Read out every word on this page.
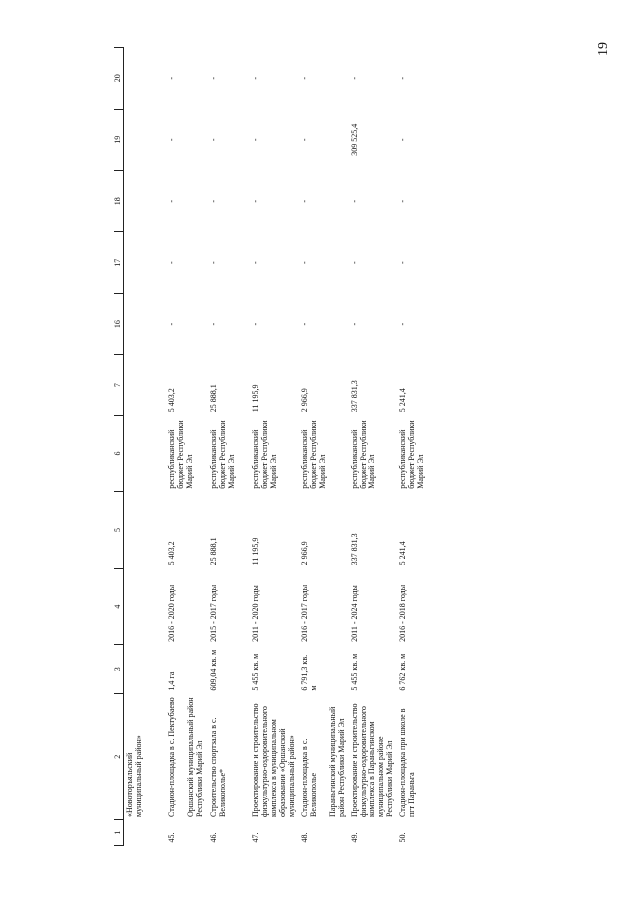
19
1	2	3	4	5	6	7	16	17	18	19	20
	«Новоторъяльский муниципальный район»										
45.	Стадион-площадка в с. Пектубаево Оршанский муниципальный район Республики Марий Эл	1,4 га	2016 - 2020 годы	5 403,2	республиканский бюджет Республики Марий Эл	5 403,2	-	-	-	-	-
46.	Строительство спортзала в с. Великополье*	609,04 кв. м	2015 - 2017 годы	25 888,1	республиканский бюджет Республики Марий Эл	25 888,1	-	-	-	-	-
47.	Проектирование и строительство физкультурно-оздоровительного комплекса в муниципальном образовании «Оршанский муниципальный район»	5 455 кв. м	2011 - 2020 годы	11 195,9	республиканский бюджет Республики Марий Эл	11 195,9	-	-	-	-	-
48.	Стадион-площадка в с. Великополье Параньгинский муниципальный район Республики Марий Эл	6 791,3 кв. м	2016 - 2017 годы	2 966,9	республиканский бюджет Республики Марий Эл	2 966,9	-	-	-	-	-
49.	Проектирование и строительство физкультурно-оздоровительного комплекса в Параньгинском муниципальном районе Республики Марий Эл	5 455 кв. м	2011 - 2024 годы	337 831,3	республиканский бюджет Республики Марий Эл	337 831,3	-	-	-	309 525,4	-
50.	Стадион-площадка при школе в пгт Параньга	6 762 кв. м	2016 - 2018 годы	5 241,4	республиканский бюджет Республики Марий Эл	5 241,4	-	-	-	-	-
